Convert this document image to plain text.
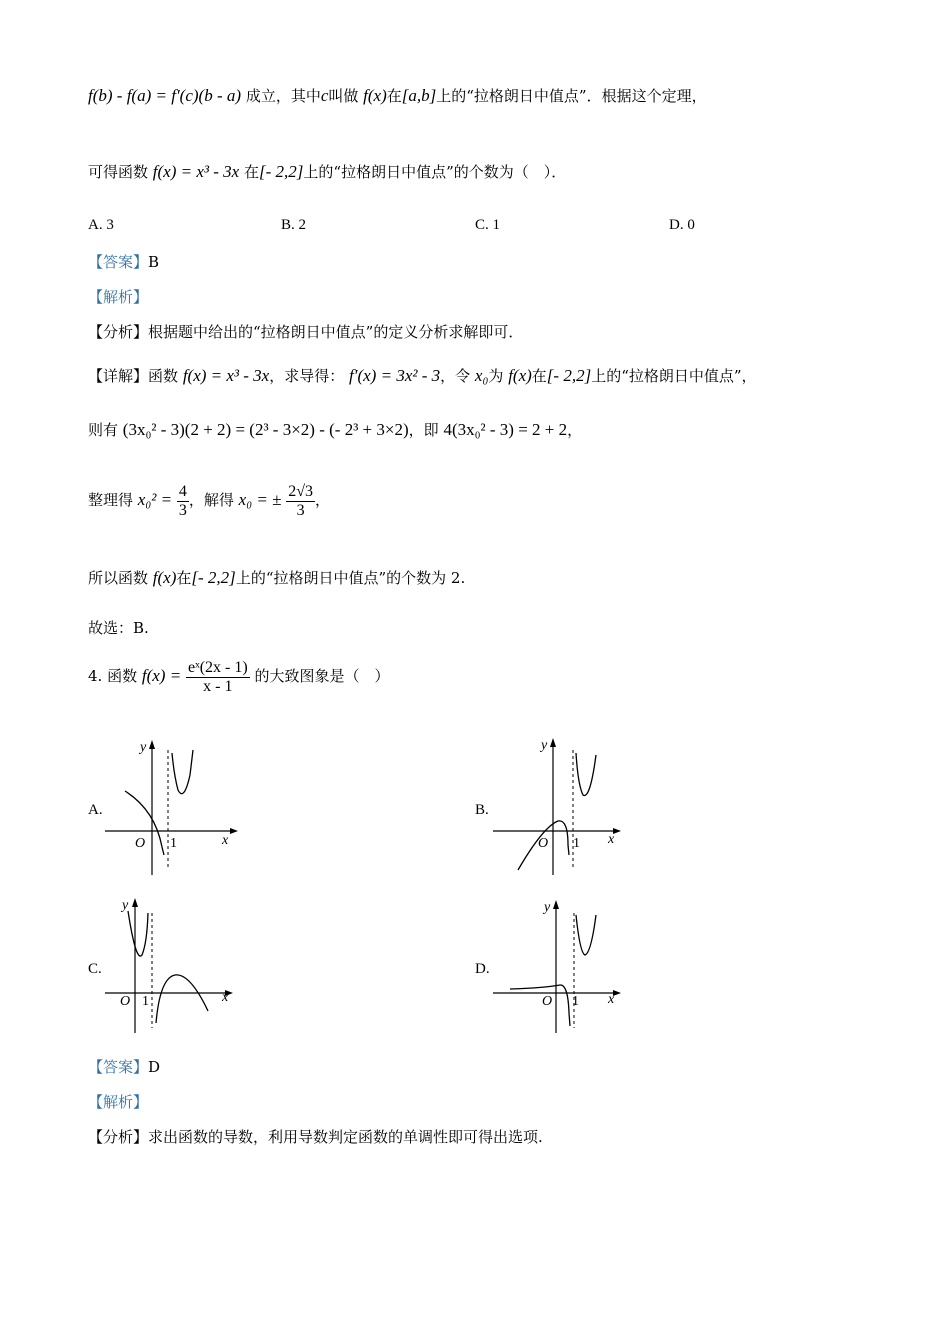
f(b) - f(a) = f′(c)(b - a) 成立，其中c叫做 f(x)在[a,b]上的“拉格朗日中值点”．根据这个定理，
可得函数 f(x) = x³ - 3x 在[- 2,2]上的“拉格朗日中值点”的个数为（　）．
A. 3	B. 2	C. 1	D. 0
【答案】B
【解析】
【分析】根据题中给出的“拉格朗日中值点”的定义分析求解即可．
【详解】函数 f(x) = x³ - 3x，求导得： f′(x) = 3x² - 3，令 x₀为 f(x)在[- 2,2]上的“拉格朗日中值点”，
则有 (3x₀² - 3)(2 + 2) = (2³ - 3×2) - (- 2³ + 3×2)，即 4(3x₀² - 3) = 2 + 2，
整理得 $x_0^2 = \frac{4}{3}$ ，解得 x₀ = ± $\frac{2√3}{3}$ ，
所以函数 f(x)在[- 2,2]上的“拉格朗日中值点”的个数为 2.
故选：B.
4. 函数 $f(x) = \frac{\text{eˣ(2x - 1)}}{x - 1}$ 的大致图象是（　）
A.	B.
C.	D.
y
x
O 1
y
x
O 1
y
x
O 1
y
x
O 1
【答案】D
【解析】
【分析】求出函数的导数，利用导数判定函数的单调性即可得出选项.
